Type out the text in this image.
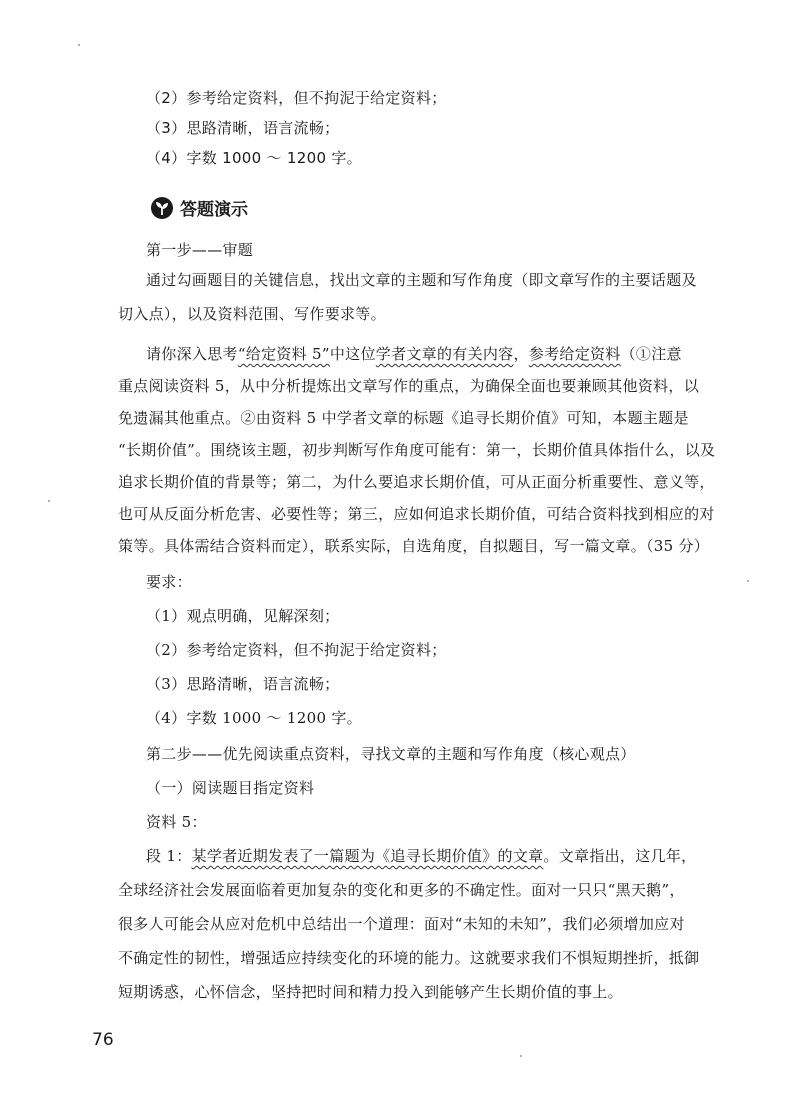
（2）参考给定资料，但不拘泥于给定资料；
（3）思路清晰，语言流畅；
（4）字数 1000 ～ 1200 字。
答题演示
第一步——审题
通过勾画题目的关键信息，找出文章的主题和写作角度（即文章写作的主要话题及
切入点），以及资料范围、写作要求等。
请你深入思考“给定资料 5”中这位学者文章的有关内容，参考给定资料（①注意
重点阅读资料 5，从中分析提炼出文章写作的重点，为确保全面也要兼顾其他资料，以
免遗漏其他重点。②由资料 5 中学者文章的标题《追寻长期价值》可知，本题主题是
“长期价值”。围绕该主题，初步判断写作角度可能有：第一，长期价值具体指什么，以及
追求长期价值的背景等；第二，为什么要追求长期价值，可从正面分析重要性、意义等，
也可从反面分析危害、必要性等；第三，应如何追求长期价值，可结合资料找到相应的对
策等。具体需结合资料而定），联系实际，自选角度，自拟题目，写一篇文章。（35 分）
要求：
（1）观点明确，见解深刻；
（2）参考给定资料，但不拘泥于给定资料；
（3）思路清晰，语言流畅；
（4）字数 1000 ～ 1200 字。
第二步——优先阅读重点资料，寻找文章的主题和写作角度（核心观点）
（一）阅读题目指定资料
资料 5：
段 1：某学者近期发表了一篇题为《追寻长期价值》的文章。文章指出，这几年，
全球经济社会发展面临着更加复杂的变化和更多的不确定性。面对一只只“黑天鹅”，
很多人可能会从应对危机中总结出一个道理：面对“未知的未知”，我们必须增加应对
不确定性的韧性，增强适应持续变化的环境的能力。这就要求我们不惧短期挫折，抵御
短期诱惑，心怀信念，坚持把时间和精力投入到能够产生长期价值的事上。
76
